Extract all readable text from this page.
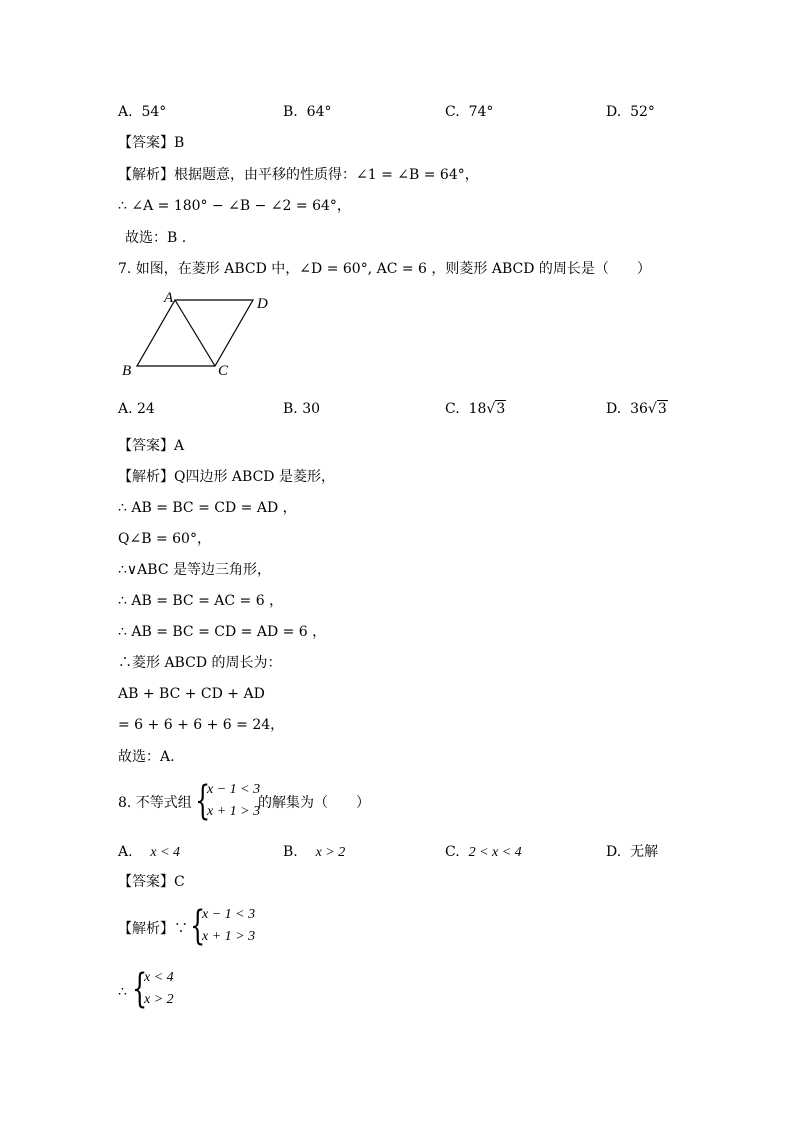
A. 54°	B. 64°	C. 74°	D. 52°
【答案】B
【解析】根据题意，由平移的性质得：∠1 = ∠B = 64°，
∴ ∠A = 180° − ∠B − ∠2 = 64°，
故选：B .
7. 如图，在菱形 ABCD 中，∠D = 60°, AC = 6 ，则菱形 ABCD 的周长是（　　）
A	D
B	C
A. 24	B. 30	C. 18√3	D. 36√3
【答案】A
【解析】Q四边形 ABCD 是菱形，
∴ AB = BC = CD = AD ，
Q∠B = 60°，
∴∨ABC 是等边三角形，
∴ AB = BC = AC = 6 ，
∴ AB = BC = CD = AD = 6 ，
∴菱形 ABCD 的周长为：
AB + BC + CD + AD
= 6 + 6 + 6 + 6 = 24，
故选：A.
8. 不等式组 {
x − 1 < 3
x + 1 > 3
的解集为（　　）
A. x < 4	B. x > 2	C. 2 < x < 4	D. 无解
【答案】C
【解析】∵ {
x − 1 < 3
x + 1 > 3
∴ {
x < 4
x > 2
